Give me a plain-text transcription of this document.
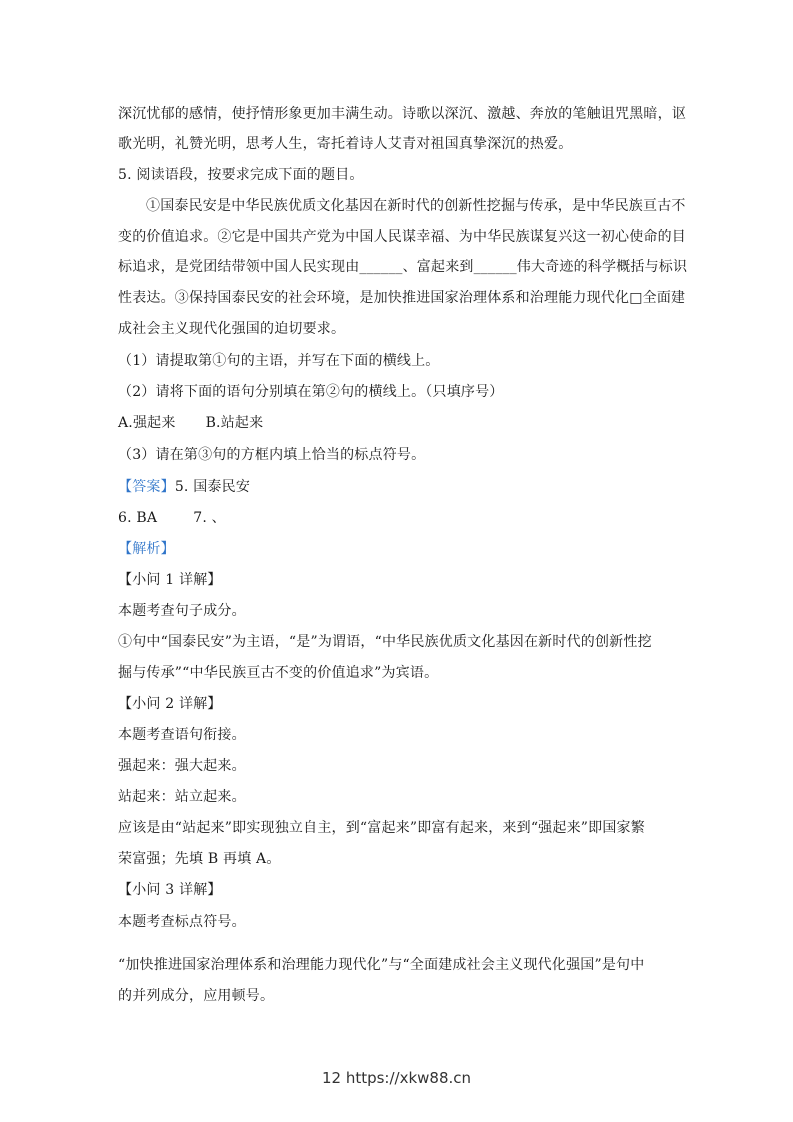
深沉忧郁的感情，使抒情形象更加丰满生动。诗歌以深沉、激越、奔放的笔触诅咒黑暗，讴
歌光明，礼赞光明，思考人生，寄托着诗人艾青对祖国真挚深沉的热爱。
5. 阅读语段，按要求完成下面的题目。
①国泰民安是中华民族优质文化基因在新时代的创新性挖掘与传承，是中华民族亘古不
变的价值追求。②它是中国共产党为中国人民谋幸福、为中华民族谋复兴这一初心使命的目
标追求，是党团结带领中国人民实现由______、富起来到______伟大奇迹的科学概括与标识
性表达。③保持国泰民安的社会环境，是加快推进国家治理体系和治理能力现代化□全面建
成社会主义现代化强国的迫切要求。
（1）请提取第①句的主语，并写在下面的横线上。
（2）请将下面的语句分别填在第②句的横线上。（只填序号）
A.强起来 B.站起来
（3）请在第③句的方框内填上恰当的标点符号。
【答案】5. 国泰民安
6. BA	7. 、
【解析】
【小问 1 详解】
本题考查句子成分。
①句中“国泰民安”为主语，“是”为谓语，“中华民族优质文化基因在新时代的创新性挖
掘与传承”“中华民族亘古不变的价值追求”为宾语。
【小问 2 详解】
本题考查语句衔接。
强起来：强大起来。
站起来：站立起来。
应该是由“站起来”即实现独立自主，到“富起来”即富有起来，来到“强起来”即国家繁
荣富强；先填 B 再填 A。
【小问 3 详解】
本题考查标点符号。
“加快推进国家治理体系和治理能力现代化”与“全面建成社会主义现代化强国”是句中
的并列成分，应用顿号。
12 https://xkw88.cn
